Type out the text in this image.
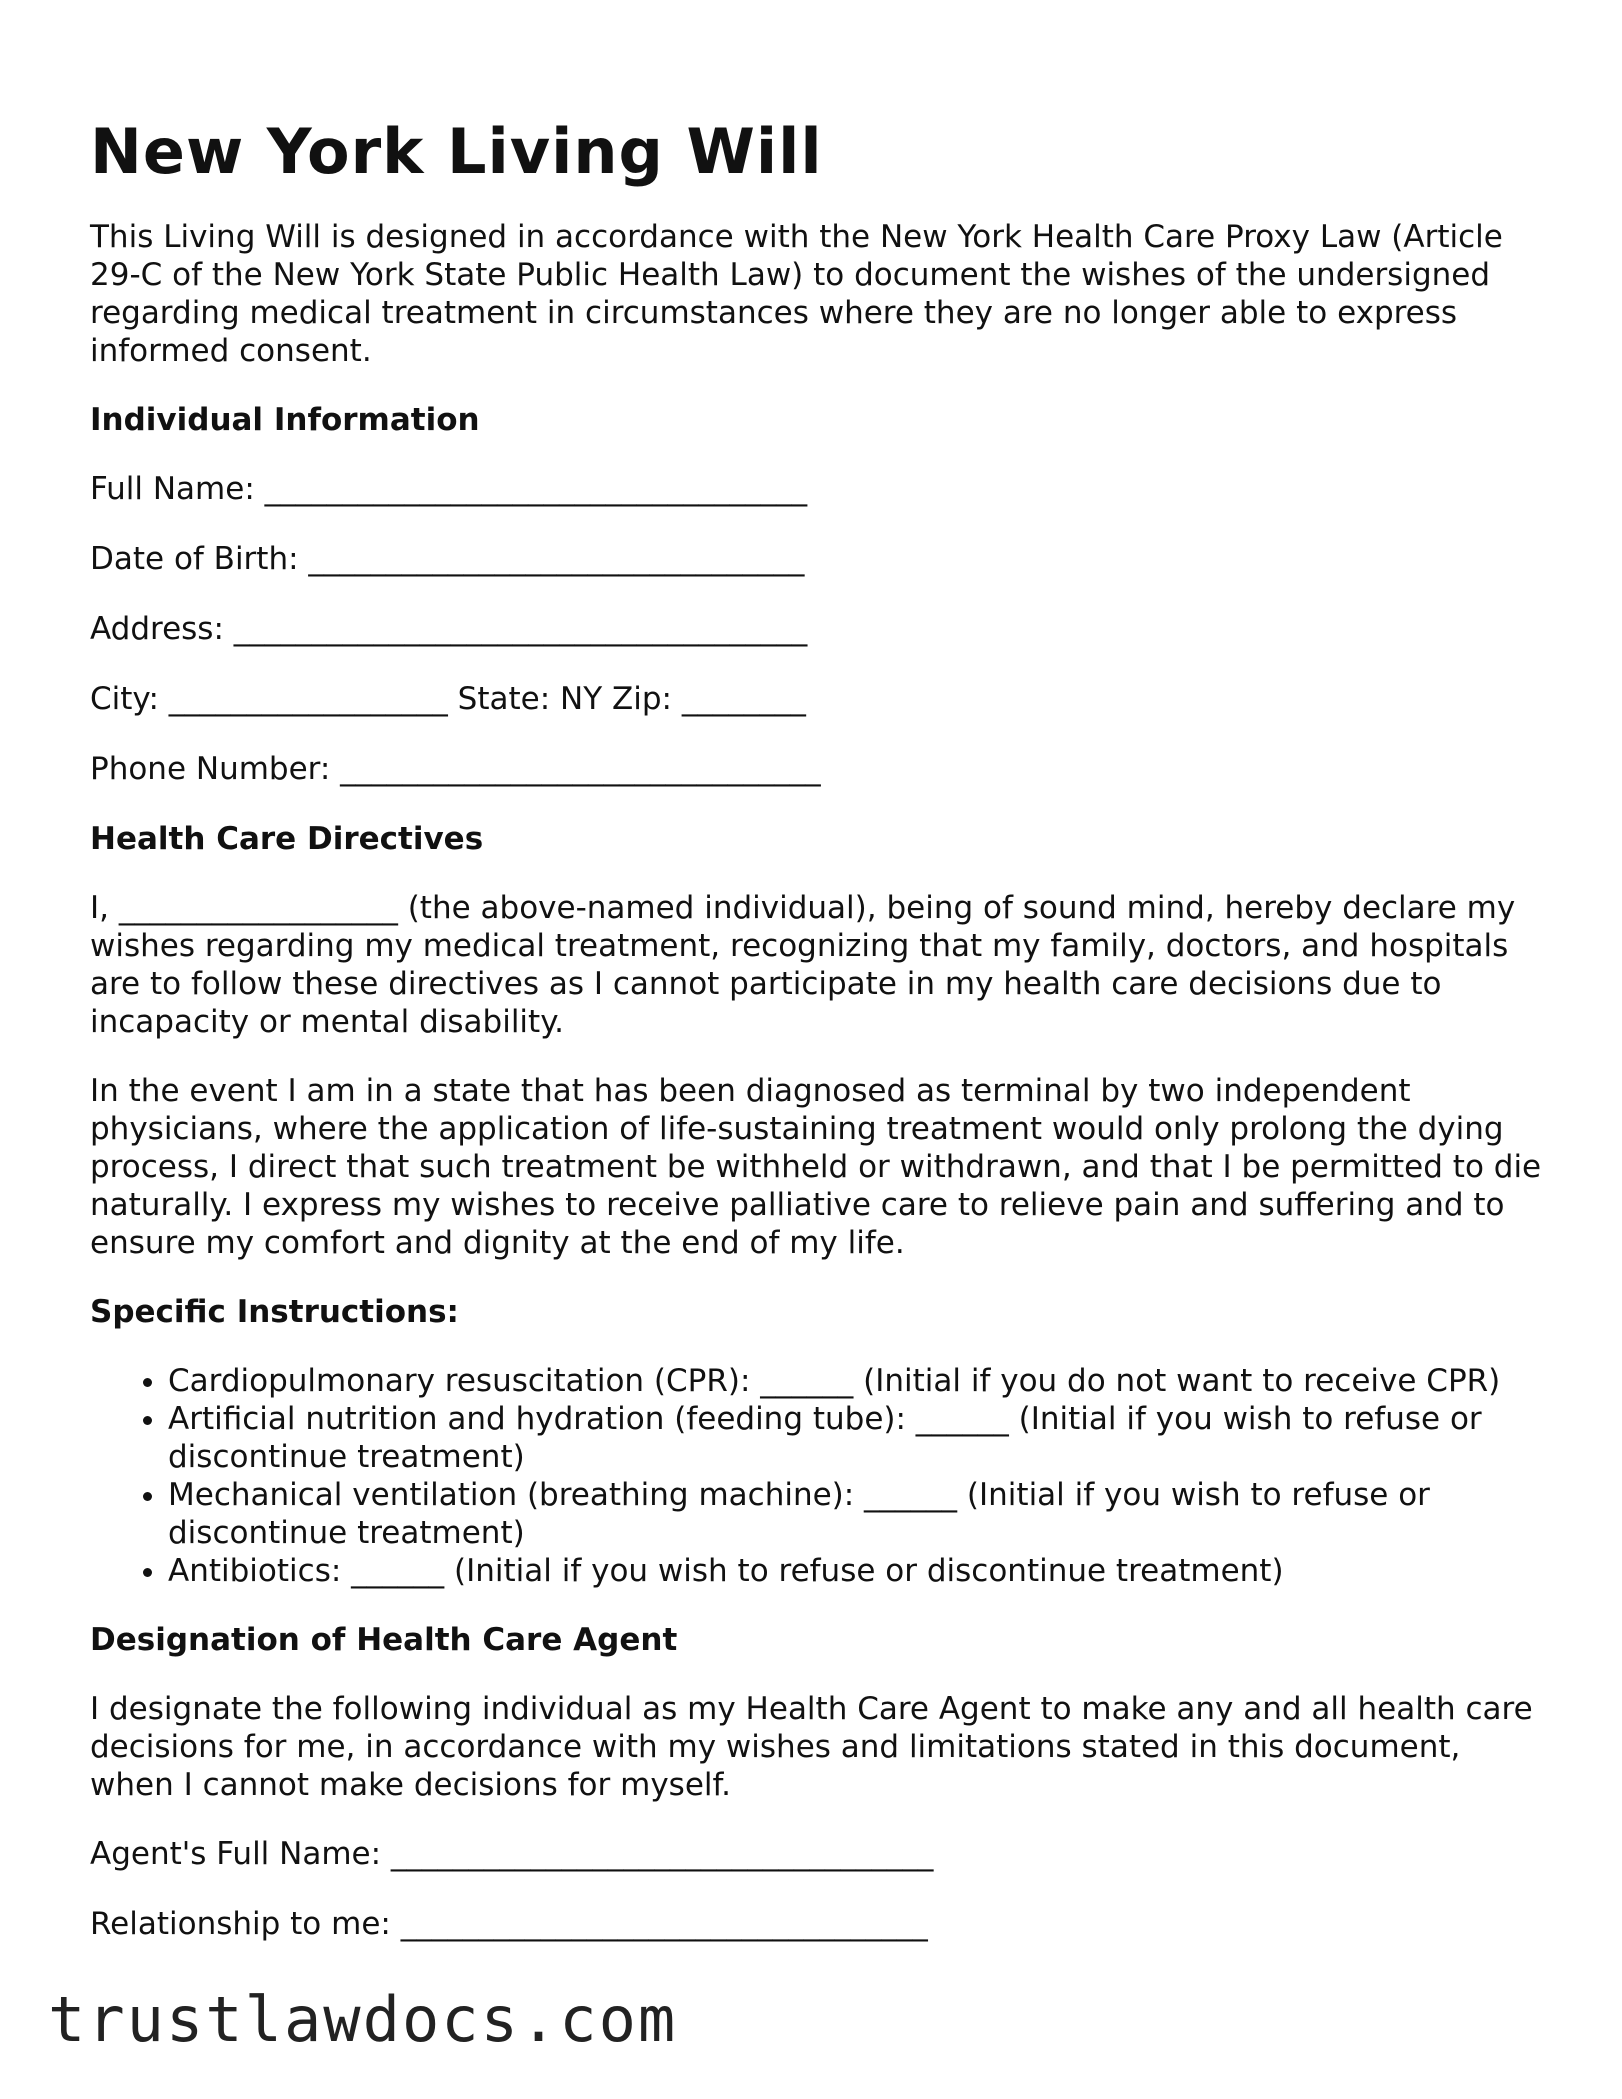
New York Living Will

This Living Will is designed in accordance with the New York Health Care Proxy Law (Article 29-C of the New York State Public Health Law) to document the wishes of the undersigned regarding medical treatment in circumstances where they are no longer able to express informed consent.

Individual Information
Full Name: ___________________________________
Date of Birth: ________________________________
Address: _____________________________________
City: __________________ State: NY Zip: ________
Phone Number: _______________________________
Health Care Directives

I, __________________ (the above-named individual), being of sound mind, hereby declare my wishes regarding my medical treatment, recognizing that my family, doctors, and hospitals are to follow these directives as I cannot participate in my health care decisions due to incapacity or mental disability.

In the event I am in a state that has been diagnosed as terminal by two independent physicians, where the application of life-sustaining treatment would only prolong the dying process, I direct that such treatment be withheld or withdrawn, and that I be permitted to die naturally. I express my wishes to receive palliative care to relieve pain and suffering and to ensure my comfort and dignity at the end of my life.

Specific Instructions:
• Cardiopulmonary resuscitation (CPR): ______ (Initial if you do not want to receive CPR)
• Artificial nutrition and hydration (feeding tube): ______ (Initial if you wish to refuse or discontinue treatment)
• Mechanical ventilation (breathing machine): ______ (Initial if you wish to refuse or discontinue treatment)
• Antibiotics: ______ (Initial if you wish to refuse or discontinue treatment)
Designation of Health Care Agent

I designate the following individual as my Health Care Agent to make any and all health care decisions for me, in accordance with my wishes and limitations stated in this document, when I cannot make decisions for myself.

Agent's Full Name: ___________________________________
Relationship to me: __________________________________
trustlawdocs.com
